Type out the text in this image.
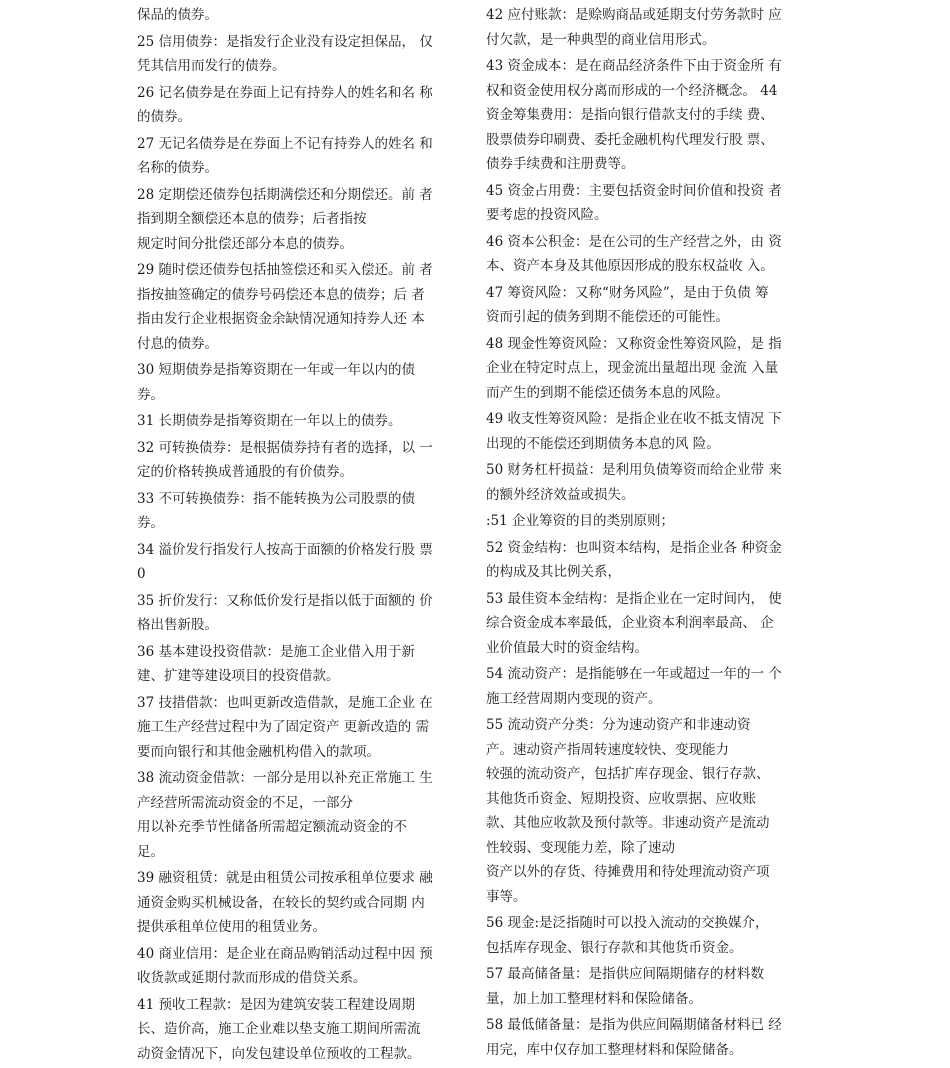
保品的债券。
25 信用债券：是指发行企业没有设定担保品， 仅
凭其信用而发行的债券。
26 记名债券是在券面上记有持券人的姓名和名 称
的债券。
27 无记名债券是在券面上不记有持券人的姓名 和
名称的债券。
28 定期偿还债券包括期满偿还和分期偿还。前 者
指到期全额偿还本息的债券；后者指按
规定时间分批偿还部分本息的债券。
29 随时偿还债券包括抽签偿还和买入偿还。前 者
指按抽签确定的债券号码偿还本息的债券；后 者
指由发行企业根据资金余缺情况通知持券人还 本
付息的债券。
30 短期债券是指筹资期在一年或一年以内的债
券。
31 长期债券是指筹资期在一年以上的债券。
32 可转换债券：是根据债券持有者的选择，以 一
定的价格转换成普通股的有价债券。
33 不可转换债券：指不能转换为公司股票的债
券。
34 溢价发行指发行人按高于面额的价格发行股 票
0
35 折价发行：又称低价发行是指以低于面额的 价
格出售新股。
36 基本建设投资借款：是施工企业借入用于新
建、扩建等建设项目的投资借款。
37 技措借款：也叫更新改造借款，是施工企业 在
施工生产经营过程中为了固定资产 更新改造的 需
要而向银行和其他金融机构借入的款项。
38 流动资金借款：一部分是用以补充正常施工 生
产经营所需流动资金的不足，一部分
用以补充季节性储备所需超定额流动资金的不
足。
39 融资租赁：就是由租赁公司按承租单位要求 融
通资金购买机械设备，在较长的契约或合同期 内
提供承租单位使用的租赁业务。
40 商业信用：是企业在商品购销活动过程中因 预
收货款或延期付款而形成的借贷关系。
41 预收工程款：是因为建筑安装工程建设周期
长、造价高，施工企业难以垫支施工期间所需流
动资金情况下，向发包建设单位预收的工程款。
42 应付账款：是赊购商品或延期支付劳务款时 应
付欠款，是一种典型的商业信用形式。
43 资金成本：是在商品经济条件下由于资金所 有
权和资金使用权分离而形成的一个经济概念。 44
资金筹集费用：是指向银行借款支付的手续 费、
股票债券印刷费、委托金融机构代理发行股 票、
债券手续费和注册费等。
45 资金占用费：主要包括资金时间价值和投资 者
要考虑的投资风险。
46 资本公积金：是在公司的生产经营之外，由 资
本、资产本身及其他原因形成的股东权益收 入。
47 筹资风险：又称“财务风险”，是由于负债 筹
资而引起的债务到期不能偿还的可能性。
48 现金性筹资风险：又称资金性筹资风险，是 指
企业在特定时点上，现金流出量超出现 金流 入量
而产生的到期不能偿还债务本息的风险。
49 收支性筹资风险：是指企业在收不抵支情况 下
出现的不能偿还到期债务本息的风 险。
50 财务杠杆损益：是利用负债筹资而给企业带 来
的额外经济效益或损失。
:51 企业筹资的目的类别原则；
52 资金结构：也叫资本结构，是指企业各 种资金
的构成及其比例关系，
53 最佳资本金结构：是指企业在一定时间内， 使
综合资金成本率最低，企业资本利润率最高、 企
业价值最大时的资金结构。
54 流动资产：是指能够在一年或超过一年的一 个
施工经营周期内变现的资产。
55 流动资产分类：分为速动资产和非速动资
产。速动资产指周转速度较快、变现能力
较强的流动资产，包括扩库存现金、银行存款、
其他货币资金、短期投资、应收票据、应收账
款、其他应收款及预付款等。非速动资产是流动
性较弱、变现能力差，除了速动
资产以外的存货、待摊费用和待处理流动资产项
事等。
56 现金:是泛指随时可以投入流动的交换媒介，
包括库存现金、银行存款和其他货币资金。
57 最高储备量：是指供应间隔期储存的材料数
量，加上加工整理材料和保险储备。
58 最低储备量：是指为供应间隔期储备材料已 经
用完，库中仅存加工整理材料和保险储备。
